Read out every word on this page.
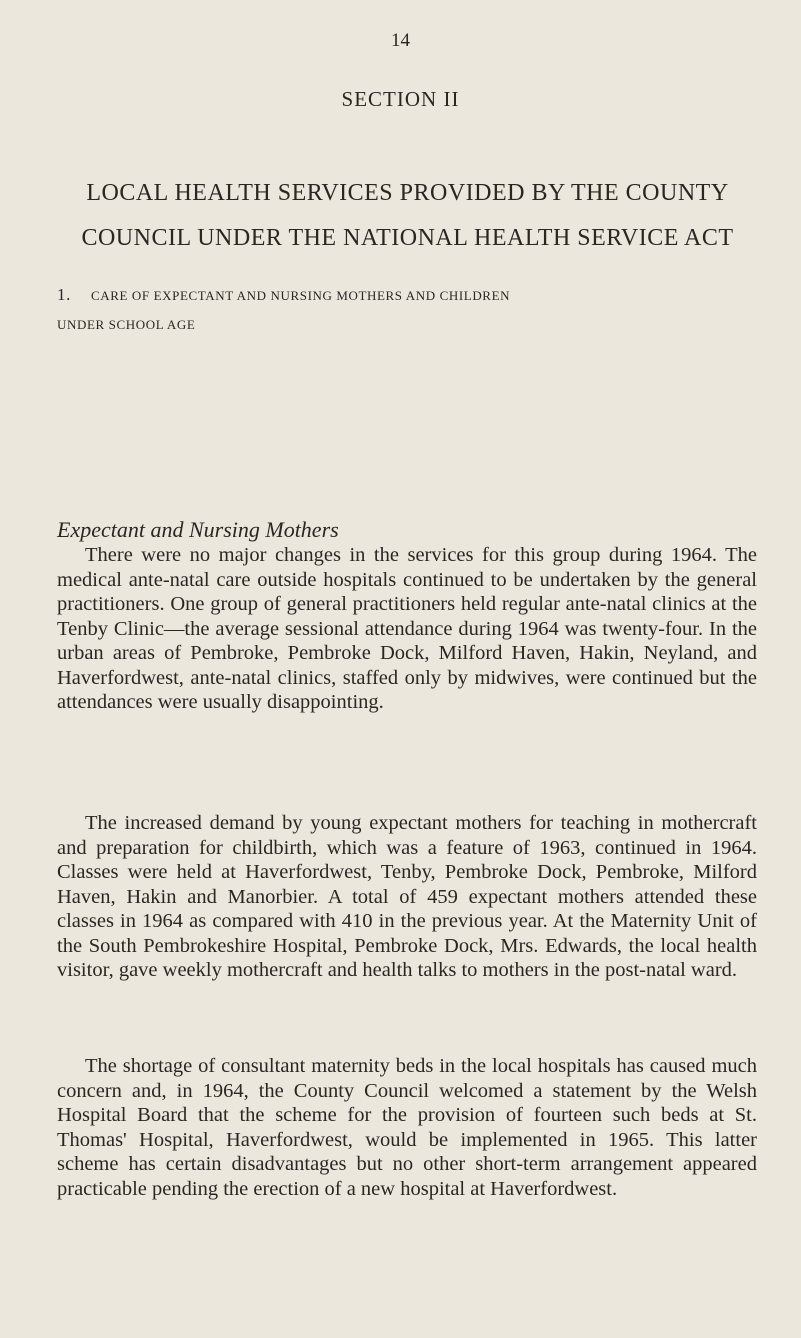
14
SECTION II
LOCAL HEALTH SERVICES PROVIDED BY THE COUNTY COUNCIL UNDER THE NATIONAL HEALTH SERVICE ACT
1. CARE OF EXPECTANT AND NURSING MOTHERS AND CHILDREN
UNDER SCHOOL AGE
Expectant and Nursing Mothers

There were no major changes in the services for this group during 1964. The medical ante-natal care outside hospitals continued to be undertaken by the general practitioners. One group of general practitioners held regular ante-natal clinics at the Tenby Clinic—the average sessional attendance during 1964 was twenty-four. In the urban areas of Pembroke, Pembroke Dock, Milford Haven, Hakin, Neyland, and Haverfordwest, ante-natal clinics, staffed only by midwives, were continued but the attendances were usually disappointing.

The increased demand by young expectant mothers for teaching in mothercraft and preparation for childbirth, which was a feature of 1963, continued in 1964. Classes were held at Haverfordwest, Tenby, Pembroke Dock, Pembroke, Milford Haven, Hakin and Manorbier. A total of 459 expectant mothers attended these classes in 1964 as compared with 410 in the previous year. At the Maternity Unit of the South Pembrokeshire Hospital, Pembroke Dock, Mrs. Edwards, the local health visitor, gave weekly mothercraft and health talks to mothers in the post-natal ward.

The shortage of consultant maternity beds in the local hospitals has caused much concern and, in 1964, the County Council welcomed a statement by the Welsh Hospital Board that the scheme for the provision of fourteen such beds at St. Thomas' Hospital, Haverfordwest, would be implemented in 1965. This latter scheme has certain disadvantages but no other short-term arrangement appeared practicable pending the erection of a new hospital at Haverfordwest.
